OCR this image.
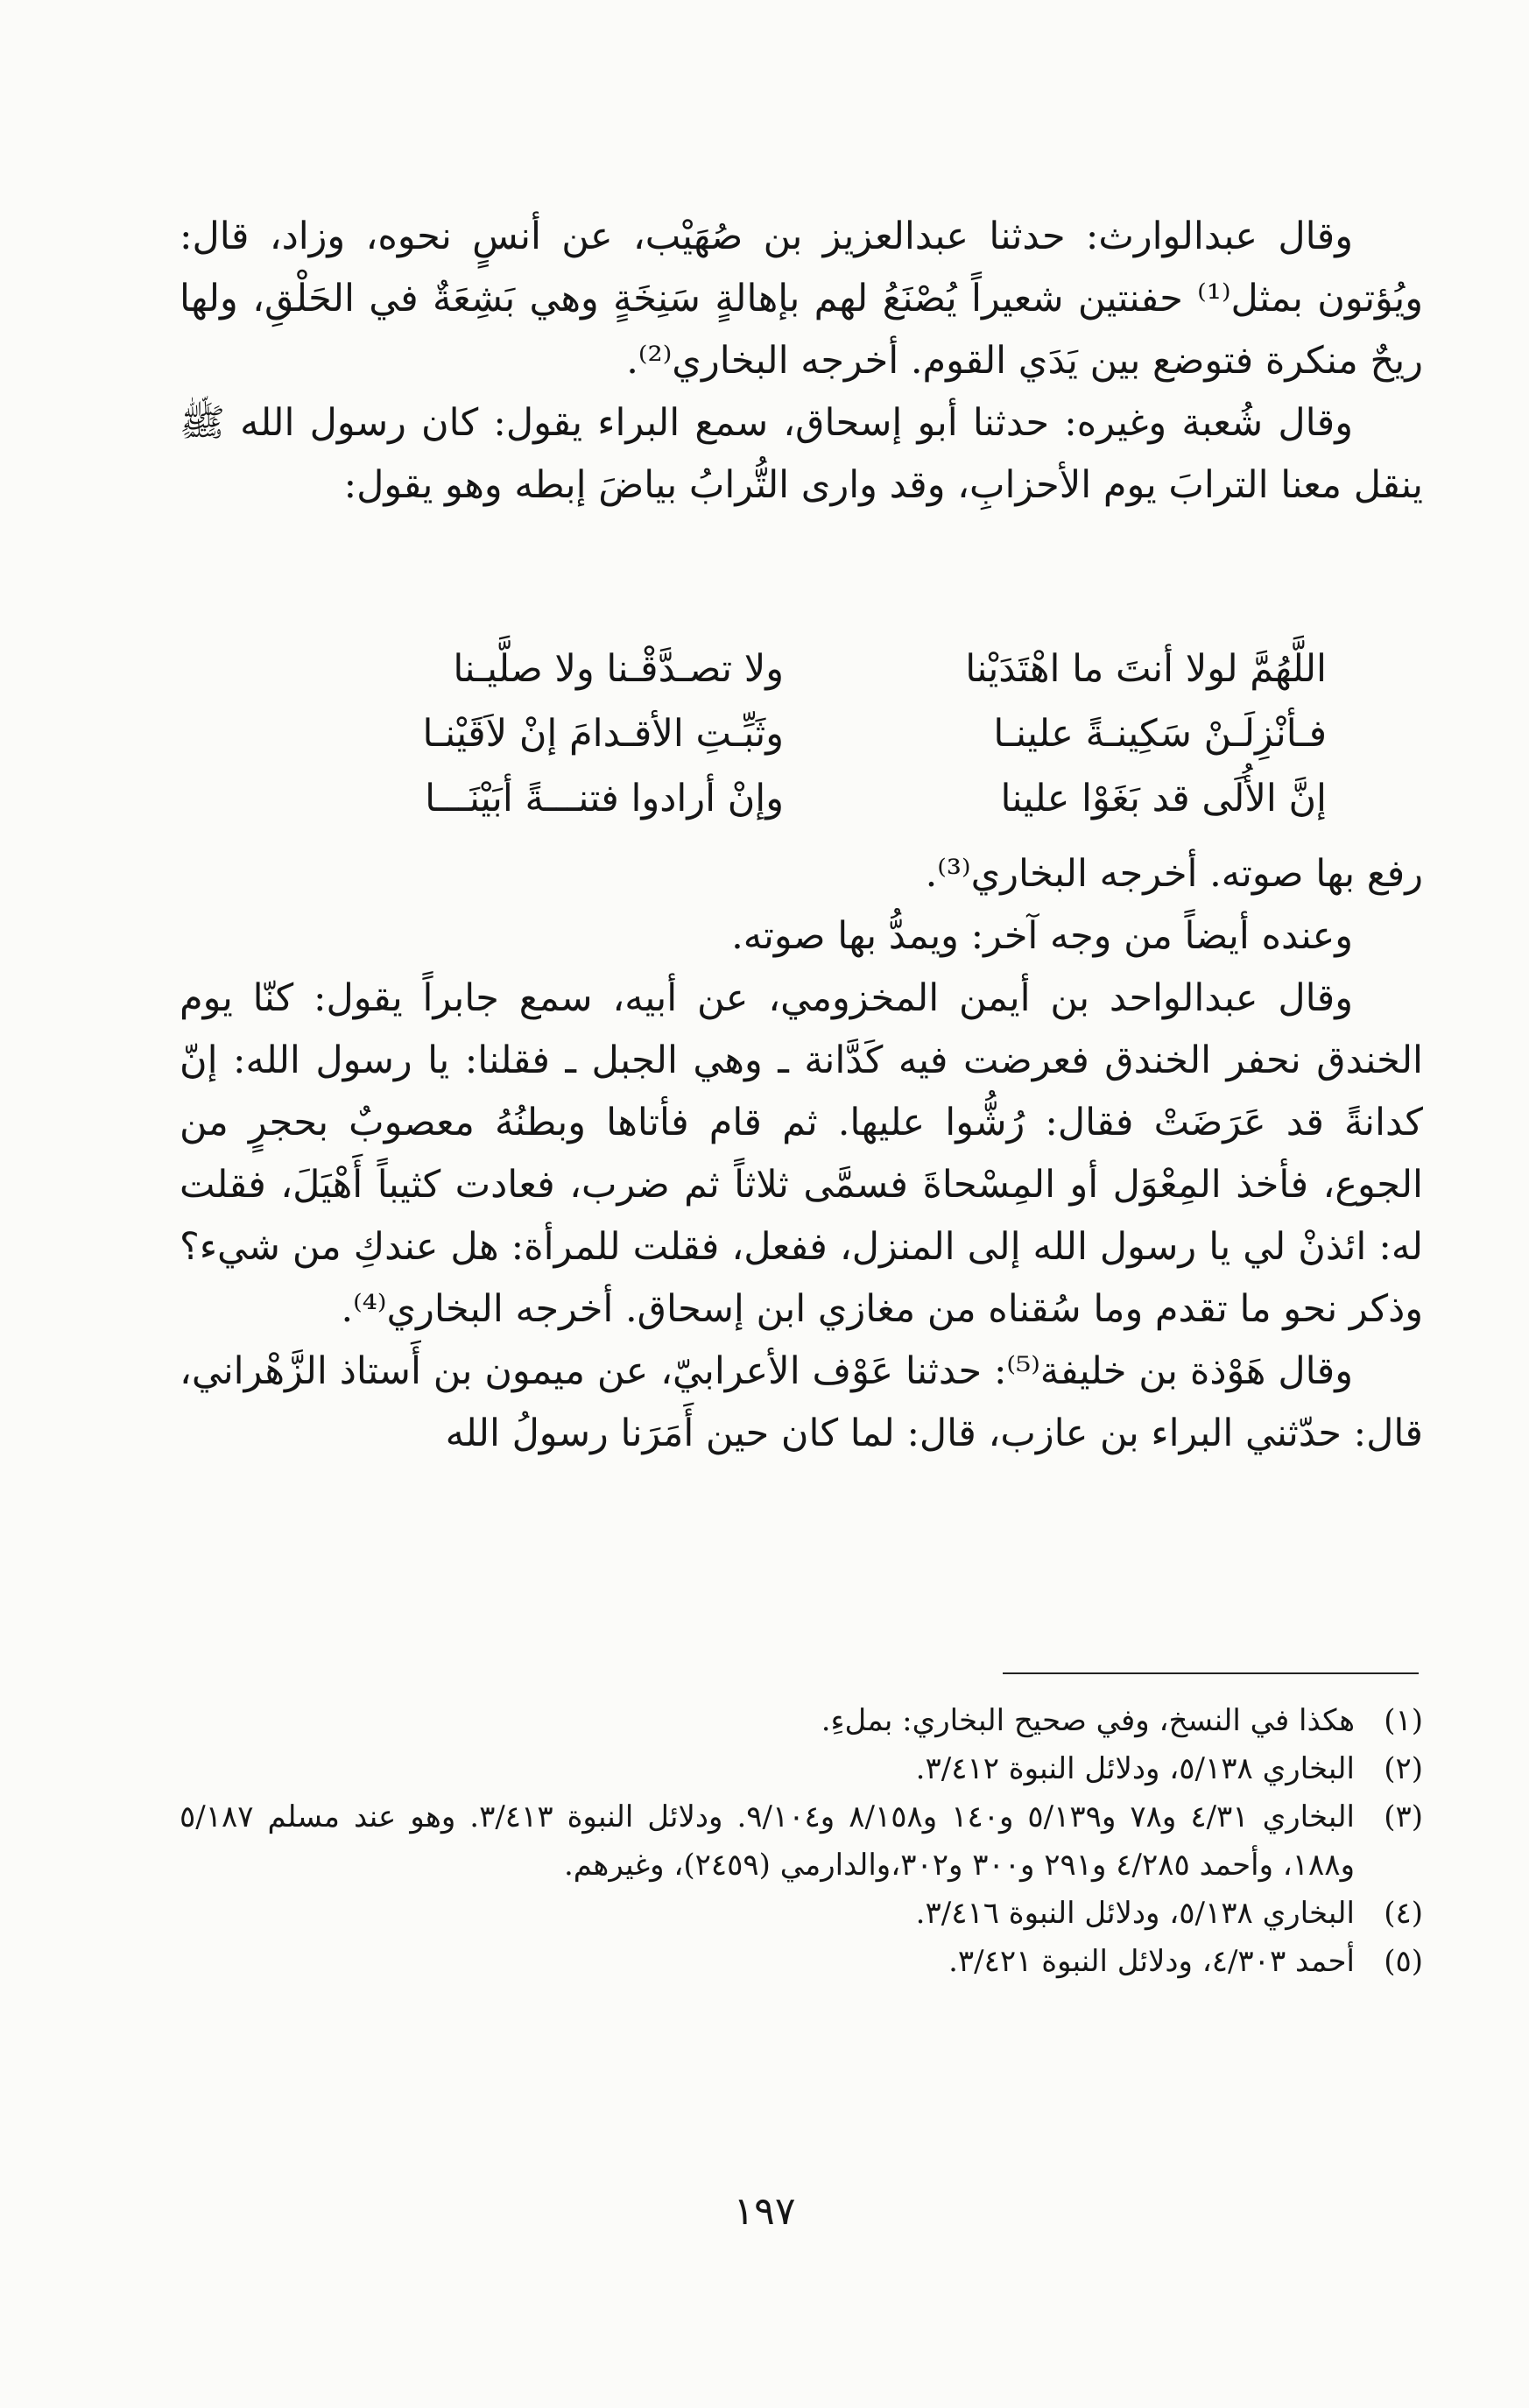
وقال عبدالوارث: حدثنا عبدالعزيز بن صُهَيْب، عن أنسٍ نحوه، وزاد، قال: ويُؤتون بمثل⁽¹⁾ حفنتين شعيراً يُصْنَعُ لهم بإهالةٍ سَنِخَةٍ وهي بَشِعَةٌ في الحَلْقِ، ولها ريحٌ منكرة فتوضع بين يَدَي القوم. أخرجه البخاري⁽²⁾.

وقال شُعبة وغيره: حدثنا أبو إسحاق، سمع البراء يقول: كان رسول الله ﷺ ينقل معنا الترابَ يوم الأحزابِ، وقد وارى التُّرابُ بياضَ إبطه وهو يقول:

اللَّهُمَّ لولا أنتَ ما اهْتَدَيْنا
ولا تصـدَّقْـنا ولا صلَّيـنا
فـأنْزِلَـنْ سَكِينـةً علينـا
وثَبِّـتِ الأقـدامَ إنْ لاَقَيْنـا
إنَّ الأُلَى قد بَغَوْا علينا
وإنْ أرادوا فتنـــةً أبَيْنَـــا

رفع بها صوته. أخرجه البخاري⁽³⁾.

وعنده أيضاً من وجه آخر: ويمدُّ بها صوته.

وقال عبدالواحد بن أيمن المخزومي، عن أبيه، سمع جابراً يقول: كنّا يوم الخندق نحفر الخندق فعرضت فيه كَدَّانة ـ وهي الجبل ـ فقلنا: يا رسول الله: إنّ كدانةً قد عَرَضَتْ فقال: رُشُّوا عليها. ثم قام فأتاها وبطنُهُ معصوبٌ بحجرٍ من الجوع، فأخذ المِعْوَل أو المِسْحاةَ فسمَّى ثلاثاً ثم ضرب، فعادت كثيباً أَهْيَلَ، فقلت له: ائذنْ لي يا رسول الله إلى المنزل، ففعل، فقلت للمرأة: هل عندكِ من شيء؟ وذكر نحو ما تقدم وما سُقناه من مغازي ابن إسحاق. أخرجه البخاري⁽⁴⁾.

وقال هَوْذة بن خليفة⁽⁵⁾: حدثنا عَوْف الأعرابيّ، عن ميمون بن أَستاذ الزَّهْراني، قال: حدّثني البراء بن عازب، قال: لما كان حين أَمَرَنا رسولُ الله

(١)
هكذا في النسخ، وفي صحيح البخاري: بملءِ.
(٢)
البخاري ٥/١٣٨، ودلائل النبوة ٣/٤١٢.
(٣)
البخاري ٤/٣١ و٧٨ و٥/١٣٩ و١٤٠ و٨/١٥٨ و٩/١٠٤. ودلائل النبوة ٣/٤١٣. وهو عند مسلم ٥/١٨٧ و١٨٨، وأحمد ٤/٢٨٥ و٢٩١ و٣٠٠ و٣٠٢،والدارمي (٢٤٥٩)، وغيرهم.
(٤)
البخاري ٥/١٣٨، ودلائل النبوة ٣/٤١٦.
(٥)
أحمد ٤/٣٠٣، ودلائل النبوة ٣/٤٢١.
١٩٧
